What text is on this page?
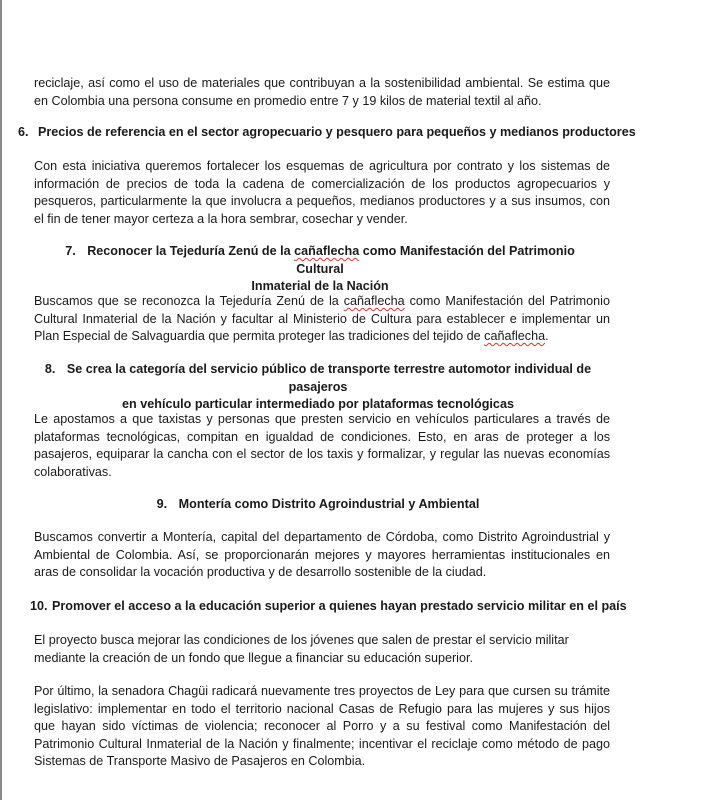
reciclaje, así como el uso de materiales que contribuyan a la sostenibilidad ambiental. Se estima que en Colombia una persona consume en promedio entre 7 y 19 kilos de material textil al año.

6. Precios de referencia en el sector agropecuario y pesquero para pequeños y medianos productores

Con esta iniciativa queremos fortalecer los esquemas de agricultura por contrato y los sistemas de información de precios de toda la cadena de comercialización de los productos agropecuarios y pesqueros, particularmente la que involucra a pequeños, medianos productores y a sus insumos, con el fin de tener mayor certeza a la hora sembrar, cosechar y vender.

7. Reconocer la Tejeduría Zenú de la cañaflecha como Manifestación del Patrimonio Cultural
Inmaterial de la Nación

Buscamos que se reconozca la Tejeduría Zenú de la cañaflecha como Manifestación del Patrimonio Cultural Inmaterial de la Nación y facultar al Ministerio de Cultura para establecer e implementar un Plan Especial de Salvaguardia que permita proteger las tradiciones del tejido de cañaflecha.

8. Se crea la categoría del servicio público de transporte terrestre automotor individual de pasajeros
en vehículo particular intermediado por plataformas tecnológicas

Le apostamos a que taxistas y personas que presten servicio en vehículos particulares a través de plataformas tecnológicas, compitan en igualdad de condiciones. Esto, en aras de proteger a los pasajeros, equiparar la cancha con el sector de los taxis y formalizar, y regular las nuevas economías colaborativas.

9. Montería como Distrito Agroindustrial y Ambiental

Buscamos convertir a Montería, capital del departamento de Córdoba, como Distrito Agroindustrial y Ambiental de Colombia. Así, se proporcionarán mejores y mayores herramientas institucionales en aras de consolidar la vocación productiva y de desarrollo sostenible de la ciudad.

10. Promover el acceso a la educación superior a quienes hayan prestado servicio militar en el país

El proyecto busca mejorar las condiciones de los jóvenes que salen de prestar el servicio militar mediante la creación de un fondo que llegue a financiar su educación superior.

Por último, la senadora Chagüi radicará nuevamente tres proyectos de Ley para que cursen su trámite legislativo: implementar en todo el territorio nacional Casas de Refugio para las mujeres y sus hijos que hayan sido víctimas de violencia; reconocer al Porro y a su festival como Manifestación del Patrimonio Cultural Inmaterial de la Nación y finalmente; incentivar el reciclaje como método de pago Sistemas de Transporte Masivo de Pasajeros en Colombia.
